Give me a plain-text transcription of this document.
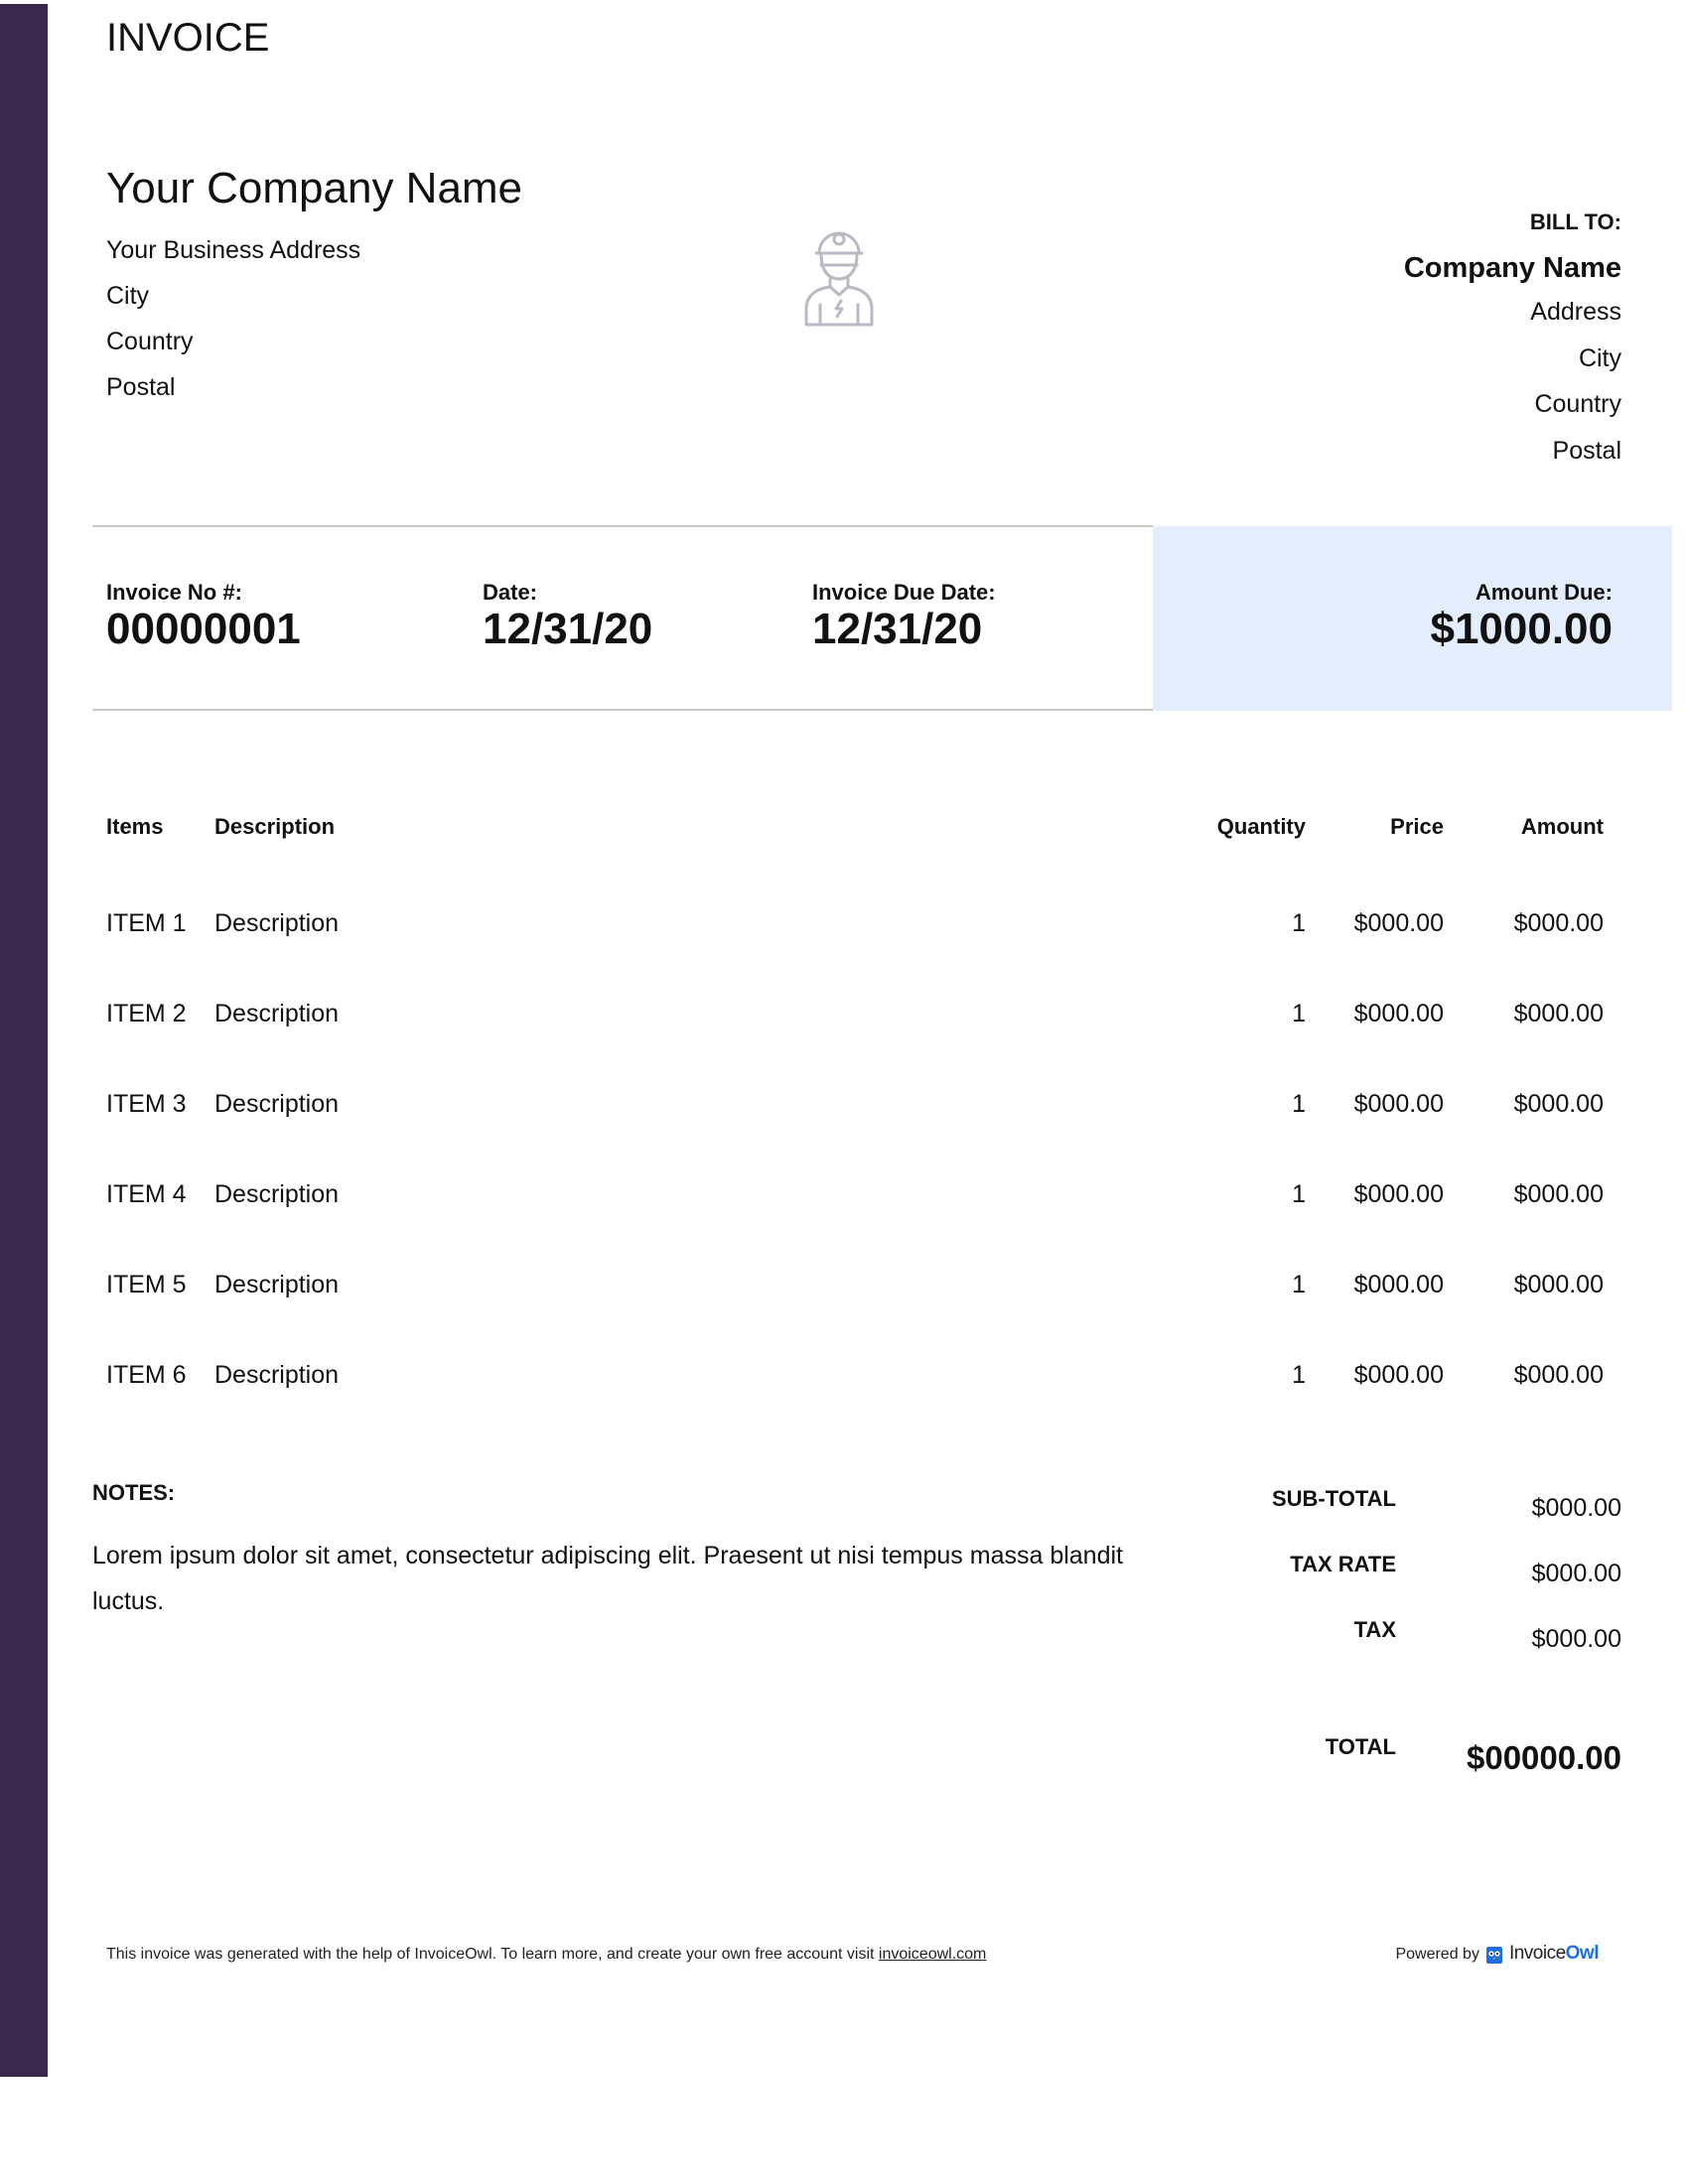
INVOICE
Your Company Name
Your Business Address
City
Country
Postal
BILL TO:
Company Name
Address
City
Country
Postal
Invoice No #:
00000001
Date:
12/31/20
Invoice Due Date:
12/31/20
Amount Due:
$1000.00
Items Description	Quantity	Price	Amount
ITEM 1 Description	1 $000.00	$000.00
ITEM 2 Description	1 $000.00	$000.00
ITEM 3 Description	1 $000.00	$000.00
ITEM 4 Description	1 $000.00	$000.00
ITEM 5 Description	1 $000.00	$000.00
ITEM 6 Description	1 $000.00	$000.00
NOTES:
Lorem ipsum dolor sit amet, consectetur adipiscing elit. Praesent ut nisi tempus massa blandit luctus.
SUB-TOTAL	$000.00
TAX RATE	$000.00
TAX	$000.00
TOTAL $00000.00
This invoice was generated with the help of InvoiceOwl. To learn more, and create your own free account visit invoiceowl.com	Powered by InvoiceOwl
